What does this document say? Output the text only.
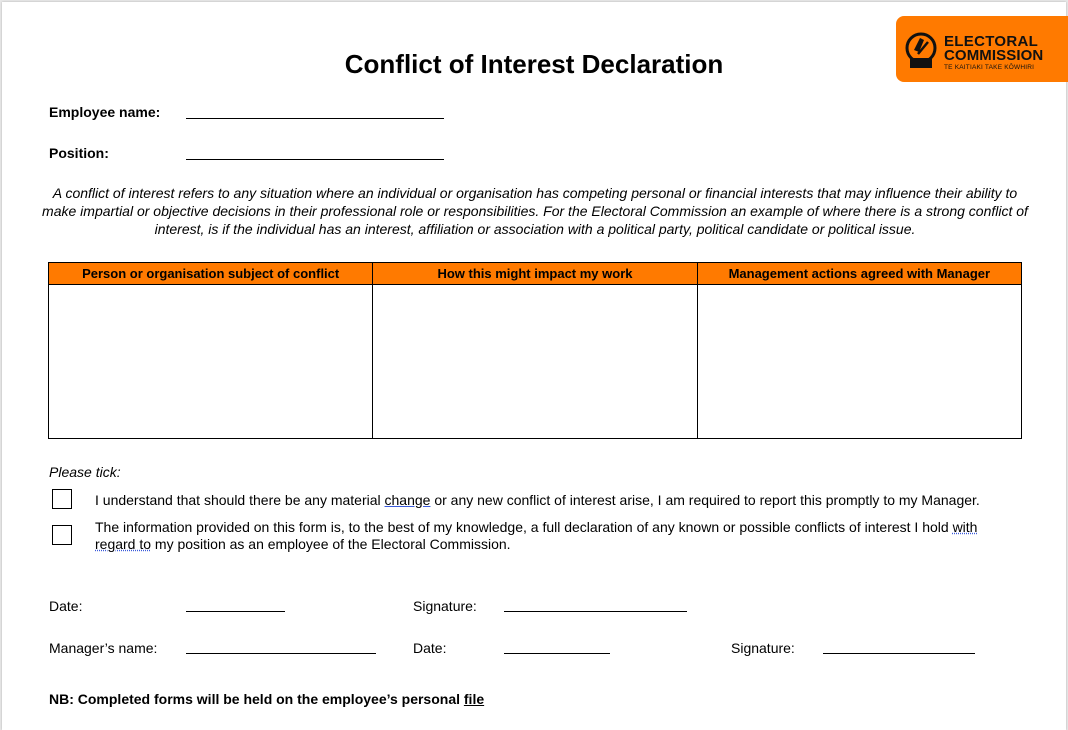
ELECTORAL
COMMISSION
TE KAITIAKI TAKE KŌWHIRI
Conflict of Interest Declaration
Employee name:
Position:
A conflict of interest refers to any situation where an individual or organisation has competing personal or financial interests that may influence their ability to make impartial or objective decisions in their professional role or responsibilities. For the Electoral Commission an example of where there is a strong conflict of interest, is if the individual has an interest, affiliation or association with a political party, political candidate or political issue.
Person or organisation subject of conflict	How this might impact my work	Management actions agreed with Manager

Please tick:
I understand that should there be any material change or any new conflict of interest arise, I am required to report this promptly to my Manager.
The information provided on this form is, to the best of my knowledge, a full declaration of any known or possible conflicts of interest I hold with regard to my position as an employee of the Electoral Commission.
Date:	Signature:
Manager’s name:	Date:	Signature:
NB: Completed forms will be held on the employee’s personal file
